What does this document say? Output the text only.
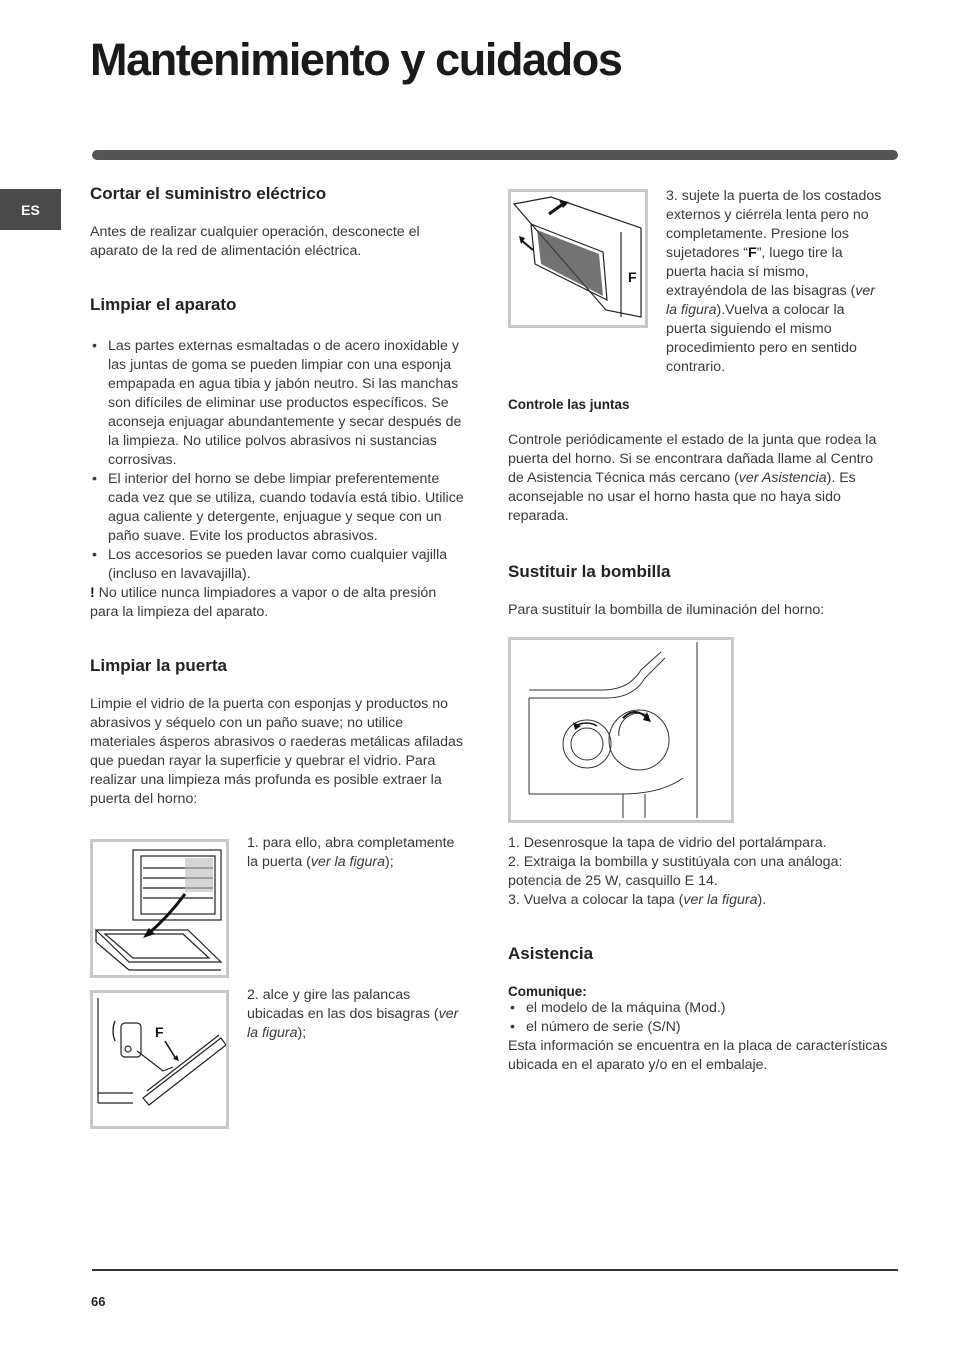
Mantenimiento y cuidados
ES
Cortar el suministro eléctrico

Antes de realizar cualquier operación, desconecte el aparato de la red de alimentación eléctrica.

Limpiar el aparato
• Las partes externas esmaltadas o de acero inoxidable y las juntas de goma se pueden limpiar con una esponja empapada en agua tibia y jabón neutro. Si las manchas son difíciles de eliminar use productos específicos. Se aconseja enjuagar abundantemente y secar después de la limpieza. No utilice polvos abrasivos ni sustancias corrosivas.
• El interior del horno se debe limpiar preferentemente cada vez que se utiliza, cuando todavía está tibio. Utilice agua caliente y detergente, enjuague y seque con un paño suave. Evite los productos abrasivos.
• Los accesorios se pueden lavar como cualquier vajilla (incluso en lavavajilla).

! No utilice nunca limpiadores a vapor o de alta presión para la limpieza del aparato.

Limpiar la puerta

Limpie el vidrio de la puerta con esponjas y productos no abrasivos y séquelo con un paño suave; no utilice materiales ásperos abrasivos o raederas metálicas afiladas que puedan rayar la superficie y quebrar el vidrio. Para realizar una limpieza más profunda es posible extraer la puerta del horno:

1. para ello, abra completamente la puerta (ver la figura);
F
2. alce y gire las palancas ubicadas en las dos bisagras (ver la figura);
F
3. sujete la puerta de los costados externos y ciérrela lenta pero no completamente. Presione los sujetadores “F”, luego tire la puerta hacia sí mismo, extrayéndola de las bisagras (ver la figura).Vuelva a colocar la puerta siguiendo el mismo procedimiento pero en sentido contrario.
Controle las juntas

Controle periódicamente el estado de la junta que rodea la puerta del horno. Si se encontrara dañada llame al Centro de Asistencia Técnica más cercano (ver Asistencia). Es aconsejable no usar el horno hasta que no haya sido reparada.

Sustituir la bombilla

Para sustituir la bombilla de iluminación del horno:

1. Desenrosque la tapa de vidrio del portalámpara.

2. Extraiga la bombilla y sustitúyala con una análoga: potencia de 25 W, casquillo E 14.

3. Vuelva a colocar la tapa (ver la figura).

Asistencia
Comunique:
• el modelo de la máquina (Mod.)
• el número de serie (S/N)

Esta información se encuentra en la placa de características ubicada en el aparato y/o en el embalaje.

66
